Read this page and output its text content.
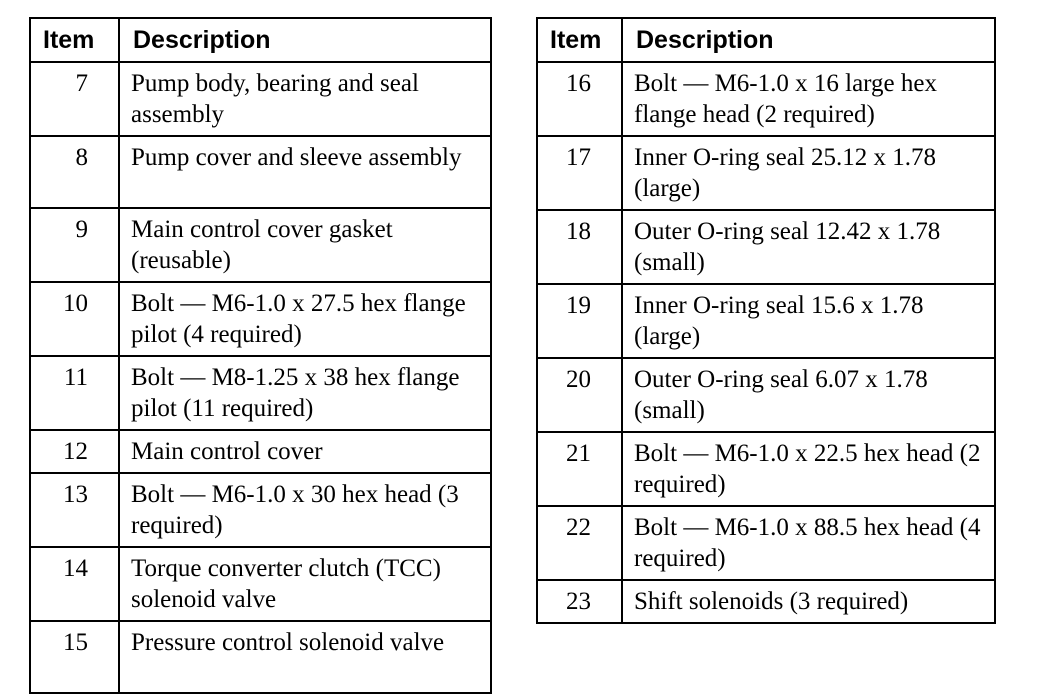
Item	Description
7	Pump body, bearing and seal assembly
8	Pump cover and sleeve assembly
9	Main control cover gasket (reusable)
10	Bolt — M6-1.0 x 27.5 hex flange pilot (4 required)
11	Bolt — M8-1.25 x 38 hex flange pilot (11 required)
12	Main control cover
13	Bolt — M6-1.0 x 30 hex head (3 required)
14	Torque converter clutch (TCC) solenoid valve
15	Pressure control solenoid valve
Item	Description
16	Bolt — M6-1.0 x 16 large hex flange head (2 required)
17	Inner O-ring seal 25.12 x 1.78 (large)
18	Outer O-ring seal 12.42 x 1.78 (small)
19	Inner O-ring seal 15.6 x 1.78 (large)
20	Outer O-ring seal 6.07 x 1.78 (small)
21	Bolt — M6-1.0 x 22.5 hex head (2 required)
22	Bolt — M6-1.0 x 88.5 hex head (4 required)
23	Shift solenoids (3 required)
